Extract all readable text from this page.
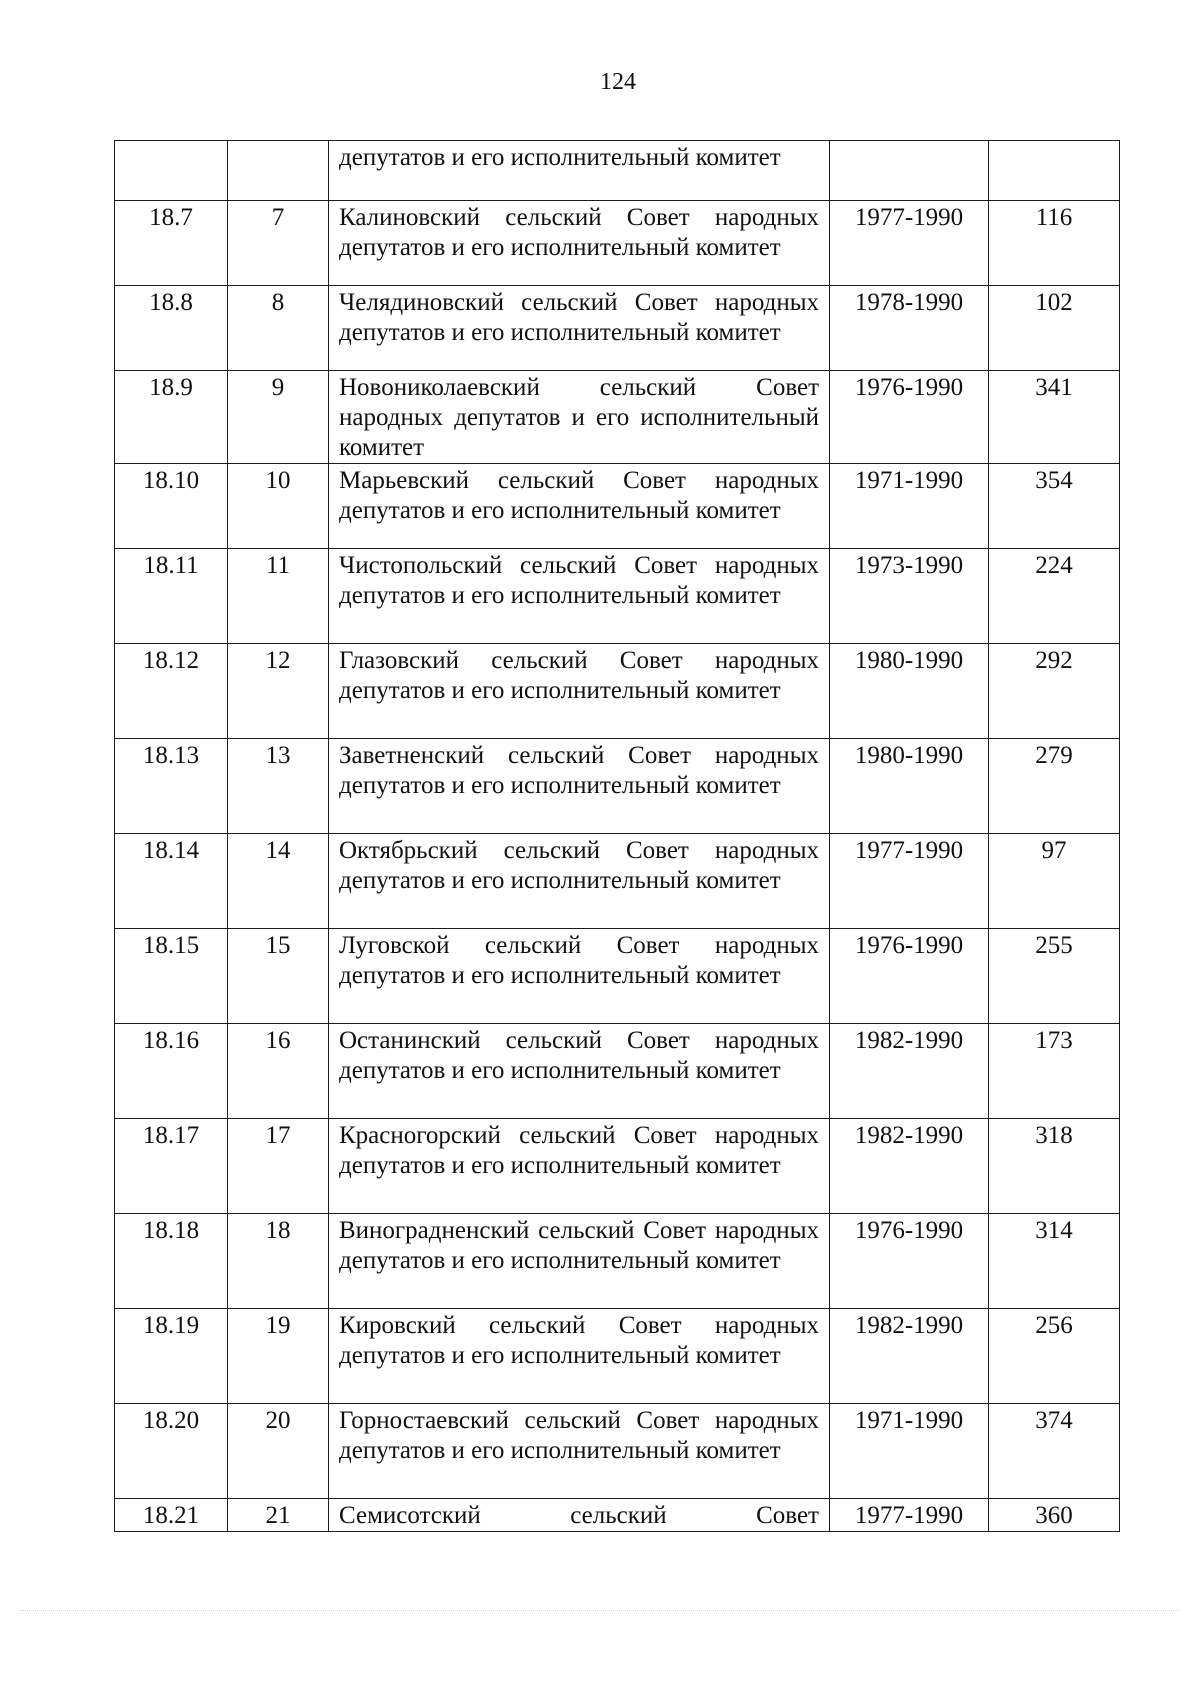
124
		депутатов и его исполнительный комитет		
18.7	7	Калиновский сельский Совет народных депутатов и его исполнительный комитет	1977-1990	116
18.8	8	Челядиновский сельский Совет народных депутатов и его исполнительный комитет	1978-1990	102
18.9	9	Новониколаевский сельский Совет народных депутатов и его исполнительный комитет	1976-1990	341
18.10	10	Марьевский сельский Совет народных депутатов и его исполнительный комитет	1971-1990	354
18.11	11	Чистопольский сельский Совет народных депутатов и его исполнительный комитет	1973-1990	224
18.12	12	Глазовский сельский Совет народных депутатов и его исполнительный комитет	1980-1990	292
18.13	13	Заветненский сельский Совет народных депутатов и его исполнительный комитет	1980-1990	279
18.14	14	Октябрьский сельский Совет народных депутатов и его исполнительный комитет	1977-1990	97
18.15	15	Луговской сельский Совет народных депутатов и его исполнительный комитет	1976-1990	255
18.16	16	Останинский сельский Совет народных депутатов и его исполнительный комитет	1982-1990	173
18.17	17	Красногорский сельский Совет народных депутатов и его исполнительный комитет	1982-1990	318
18.18	18	Виноградненский сельский Совет народных депутатов и его исполнительный комитет	1976-1990	314
18.19	19	Кировский сельский Совет народных депутатов и его исполнительный комитет	1982-1990	256
18.20	20	Горностаевский сельский Совет народных депутатов и его исполнительный комитет	1971-1990	374
18.21	21	Семисотский сельский Совет	1977-1990	360
